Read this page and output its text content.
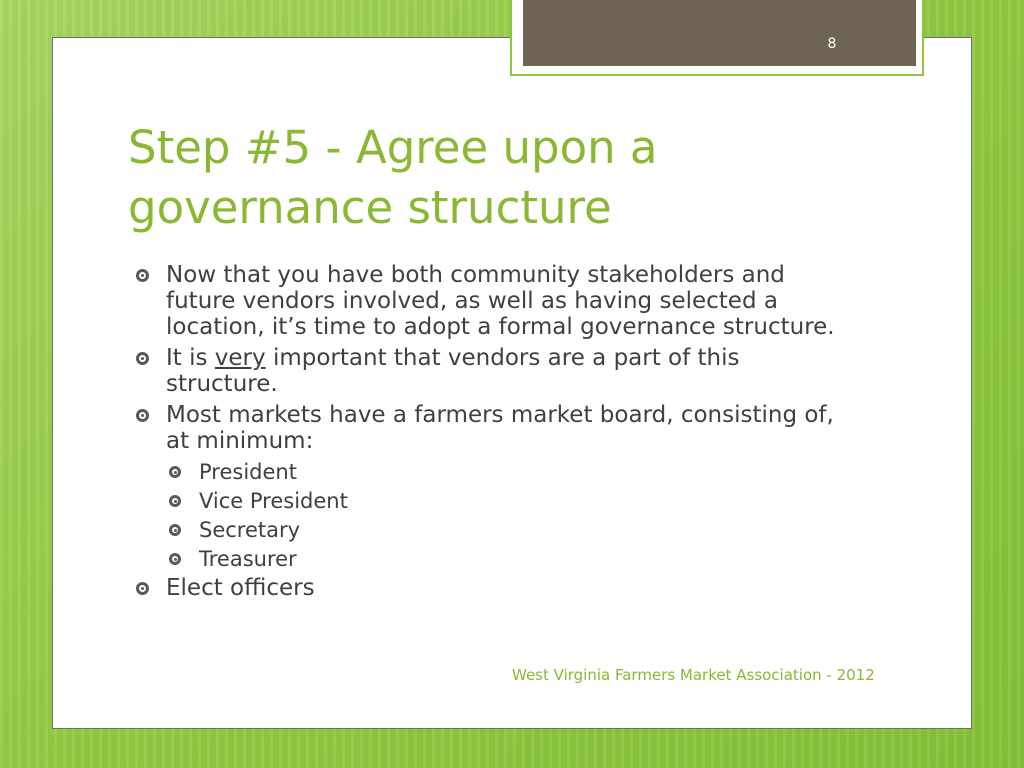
8
Step #5 - Agree upon a governance structure
Now that you have both community stakeholders and future vendors involved, as well as having selected a location, it’s time to adopt a formal governance structure.
It is very important that vendors are a part of this structure.
Most markets have a farmers market board, consisting of, at minimum:
President
Vice President
Secretary
Treasurer
Elect officers
West Virginia Farmers Market Association - 2012
